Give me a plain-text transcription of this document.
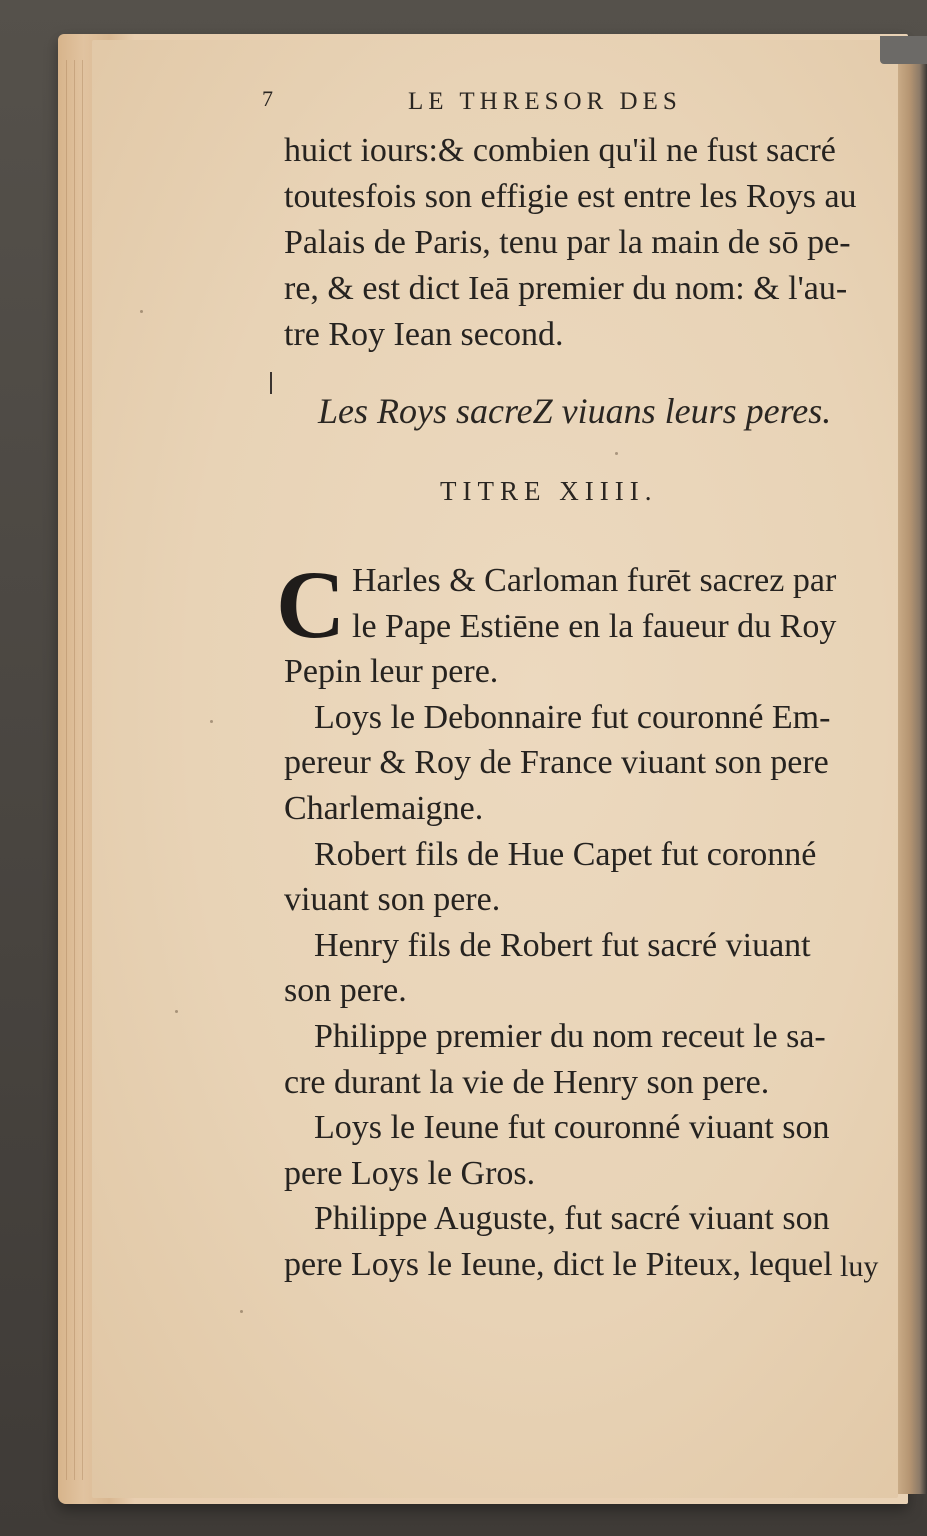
7	LE THRESOR DES
huict iours:& combien qu'il ne fust sacré
toutesfois son effigie est entre les Roys au
Palais de Paris, tenu par la main de sō pe-
re, & est dict Ieā premier du nom: & l'au-
tre Roy Iean second.
Les Roys sacreZ viuans leurs peres.
TITRE XIIII.
C Harles & Carloman furēt sacrez par
le Pape Estiēne en la faueur du Roy
Pepin leur pere.
Loys le Debonnaire fut couronné Em-
pereur & Roy de France viuant son pere
Charlemaigne.
Robert fils de Hue Capet fut coronné
viuant son pere.
Henry fils de Robert fut sacré viuant
son pere.
Philippe premier du nom receut le sa-
cre durant la vie de Henry son pere.
Loys le Ieune fut couronné viuant son
pere Loys le Gros.
Philippe Auguste, fut sacré viuant son
pere Loys le Ieune, dict le Piteux, lequel luy
